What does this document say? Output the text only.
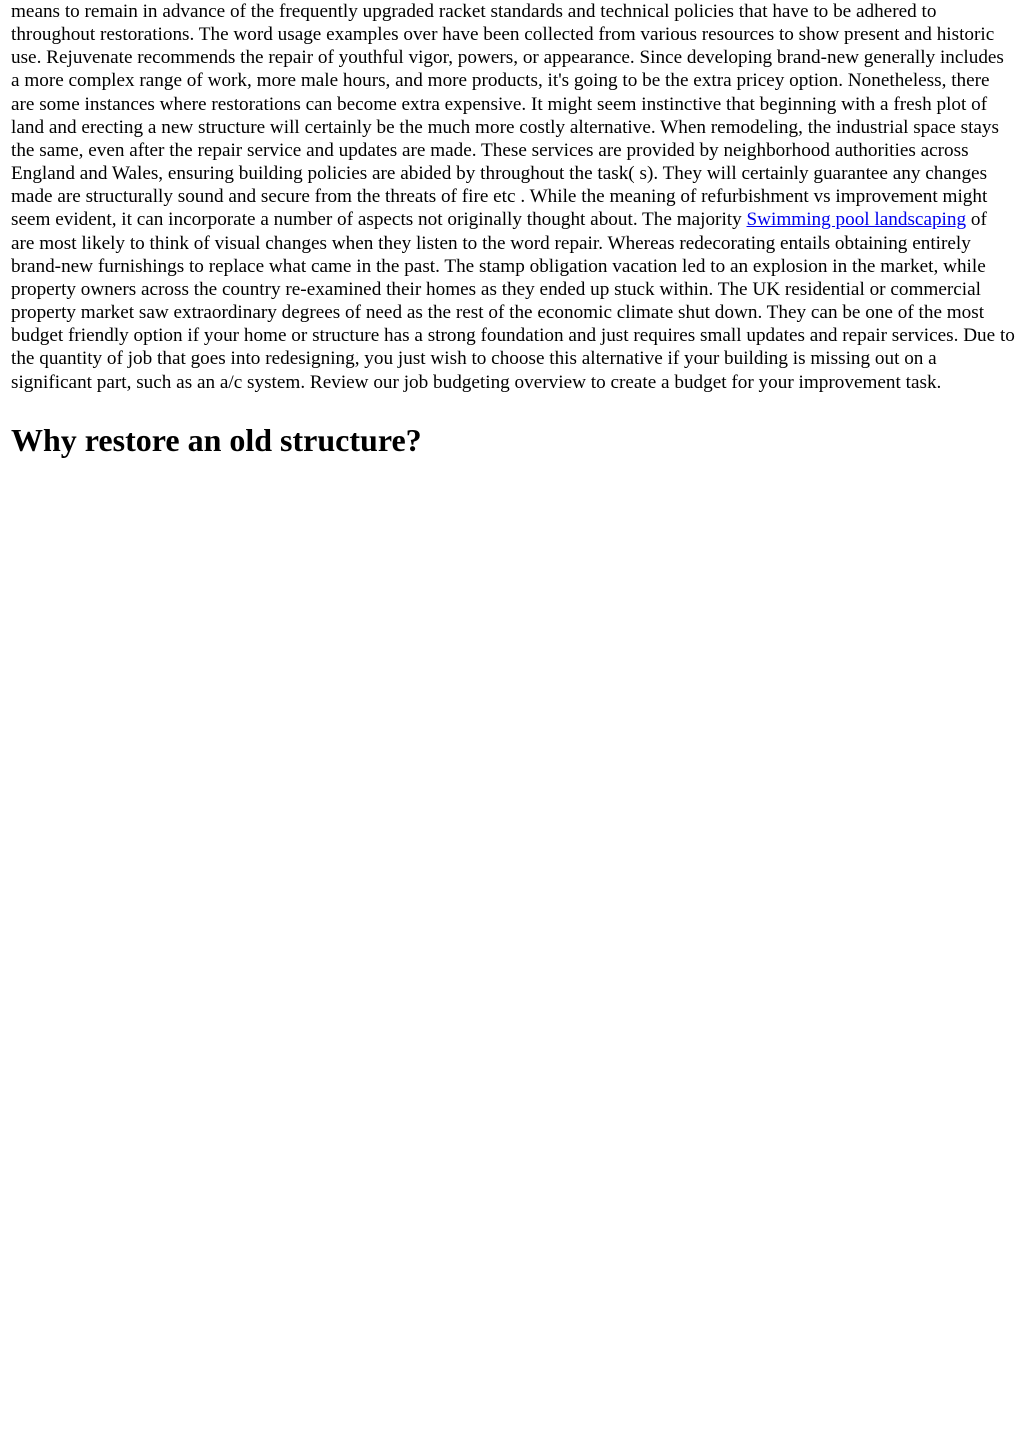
means to remain in advance of the frequently upgraded racket standards and technical policies that have to be adhered to throughout restorations. The word usage examples over have been collected from various resources to show present and historic use. Rejuvenate recommends the repair of youthful vigor, powers, or appearance. Since developing brand-new generally includes a more complex range of work, more male hours, and more products, it's going to be the extra pricey option. Nonetheless, there are some instances where restorations can become extra expensive. It might seem instinctive that beginning with a fresh plot of land and erecting a new structure will certainly be the much more costly alternative. When remodeling, the industrial space stays the same, even after the repair service and updates are made. These services are provided by neighborhood authorities across England and Wales, ensuring building policies are abided by throughout the task( s). They will certainly guarantee any changes made are structurally sound and secure from the threats of fire etc . While the meaning of refurbishment vs improvement might seem evident, it can incorporate a number of aspects not originally thought about. The majority Swimming pool landscaping of are most likely to think of visual changes when they listen to the word repair. Whereas redecorating entails obtaining entirely brand-new furnishings to replace what came in the past. The stamp obligation vacation led to an explosion in the market, while property owners across the country re-examined their homes as they ended up stuck within. The UK residential or commercial property market saw extraordinary degrees of need as the rest of the economic climate shut down. They can be one of the most budget friendly option if your home or structure has a strong foundation and just requires small updates and repair services. Due to the quantity of job that goes into redesigning, you just wish to choose this alternative if your building is missing out on a significant part, such as an a/c system. Review our job budgeting overview to create a budget for your improvement task.

Why restore an old structure?
